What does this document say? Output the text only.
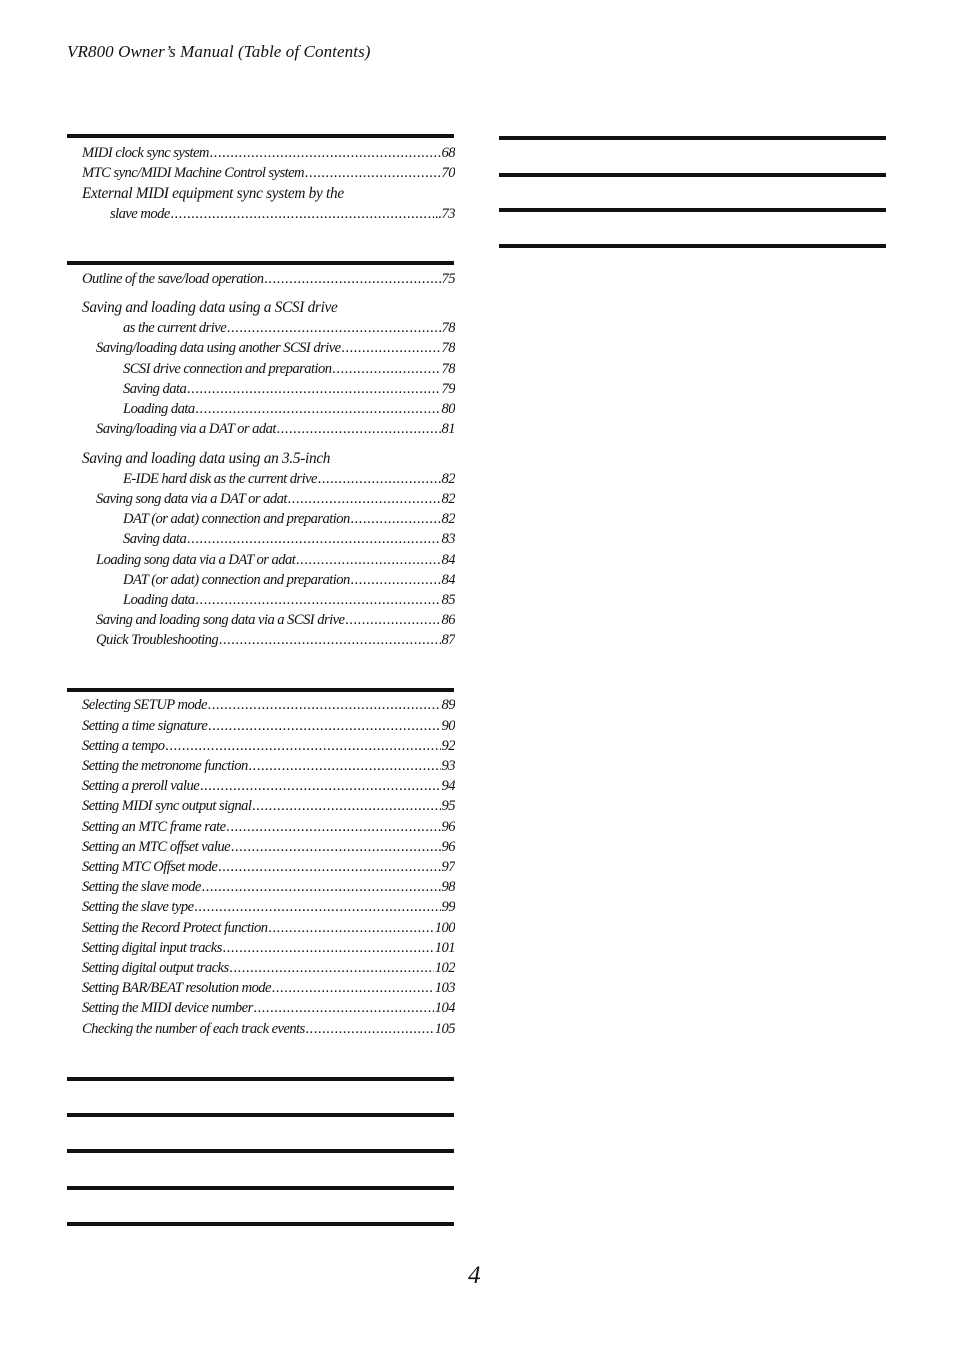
VR800 Owner’s Manual (Table of Contents)
MIDI clock sync system .....	68
MTC sync/MIDI Machine Control system .....	70
External MIDI equipment sync system by the
slave mode .....	..73
Outline of the save/load operation .....	75
Saving and loading data using a SCSI drive
as the current drive .....	78
Saving/loading data using another SCSI drive .....	78
SCSI drive connection and preparation .....	78
Saving data .....	79
Loading data .....	80
Saving/loading via a DAT or adat .....	81
Saving and loading data using an 3.5-inch
E-IDE hard disk as the current drive .....	82
Saving song data via a DAT or adat .....	82
DAT (or adat) connection and preparation .....	82
Saving data .....	83
Loading song data via a DAT or adat .....	84
DAT (or adat) connection and preparation .....	84
Loading data .....	85
Saving and loading song data via a SCSI drive .....	86
Quick Troubleshooting .....	87
Selecting SETUP mode .....	89
Setting a time signature .....	90
Setting a tempo .....	92
Setting the metronome function .....	93
Setting a preroll value .....	94
Setting MIDI sync output signal .....	95
Setting an MTC frame rate .....	96
Setting an MTC offset value .....	96
Setting MTC Offset mode .....	97
Setting the slave mode .....	98
Setting the slave type .....	99
Setting the Record Protect function .....	100
Setting digital input tracks .....	101
Setting digital output tracks .....	102
Setting BAR/BEAT resolution mode .....	103
Setting the MIDI device number .....	104
Checking the number of each track events .....	105
4
